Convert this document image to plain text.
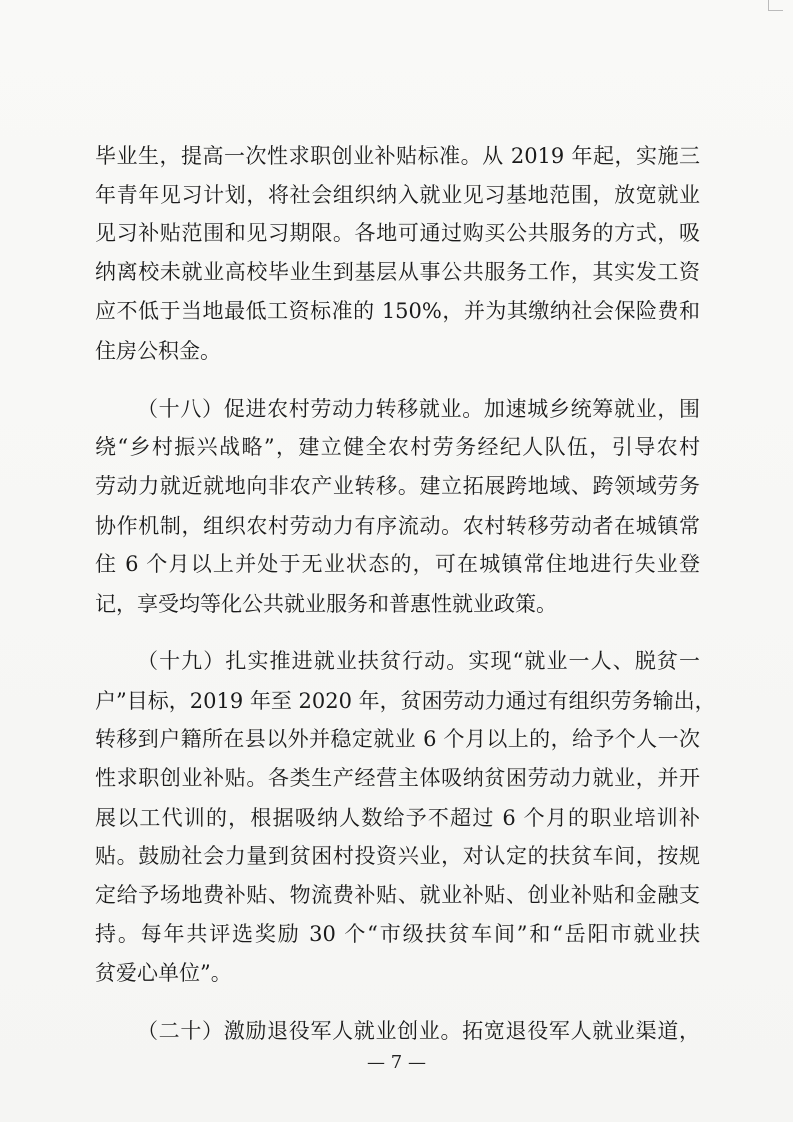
毕业生，提高一次性求职创业补贴标准。从 2019 年起，实施三
年青年见习计划，将社会组织纳入就业见习基地范围，放宽就业
见习补贴范围和见习期限。各地可通过购买公共服务的方式，吸
纳离校未就业高校毕业生到基层从事公共服务工作，其实发工资
应不低于当地最低工资标准的 150%，并为其缴纳社会保险费和
住房公积金。
（十八）促进农村劳动力转移就业。加速城乡统筹就业，围
绕“乡村振兴战略”，建立健全农村劳务经纪人队伍，引导农村
劳动力就近就地向非农产业转移。建立拓展跨地域、跨领域劳务
协作机制，组织农村劳动力有序流动。农村转移劳动者在城镇常
住 6 个月以上并处于无业状态的，可在城镇常住地进行失业登
记，享受均等化公共就业服务和普惠性就业政策。
（十九）扎实推进就业扶贫行动。实现“就业一人、脱贫一
户”目标，2019 年至 2020 年，贫困劳动力通过有组织劳务输出，
转移到户籍所在县以外并稳定就业 6 个月以上的，给予个人一次
性求职创业补贴。各类生产经营主体吸纳贫困劳动力就业，并开
展以工代训的，根据吸纳人数给予不超过 6 个月的职业培训补
贴。鼓励社会力量到贫困村投资兴业，对认定的扶贫车间，按规
定给予场地费补贴、物流费补贴、就业补贴、创业补贴和金融支
持。每年共评选奖励 30 个“市级扶贫车间”和“岳阳市就业扶
贫爱心单位”。
（二十）激励退役军人就业创业。拓宽退役军人就业渠道，
— 7 —
